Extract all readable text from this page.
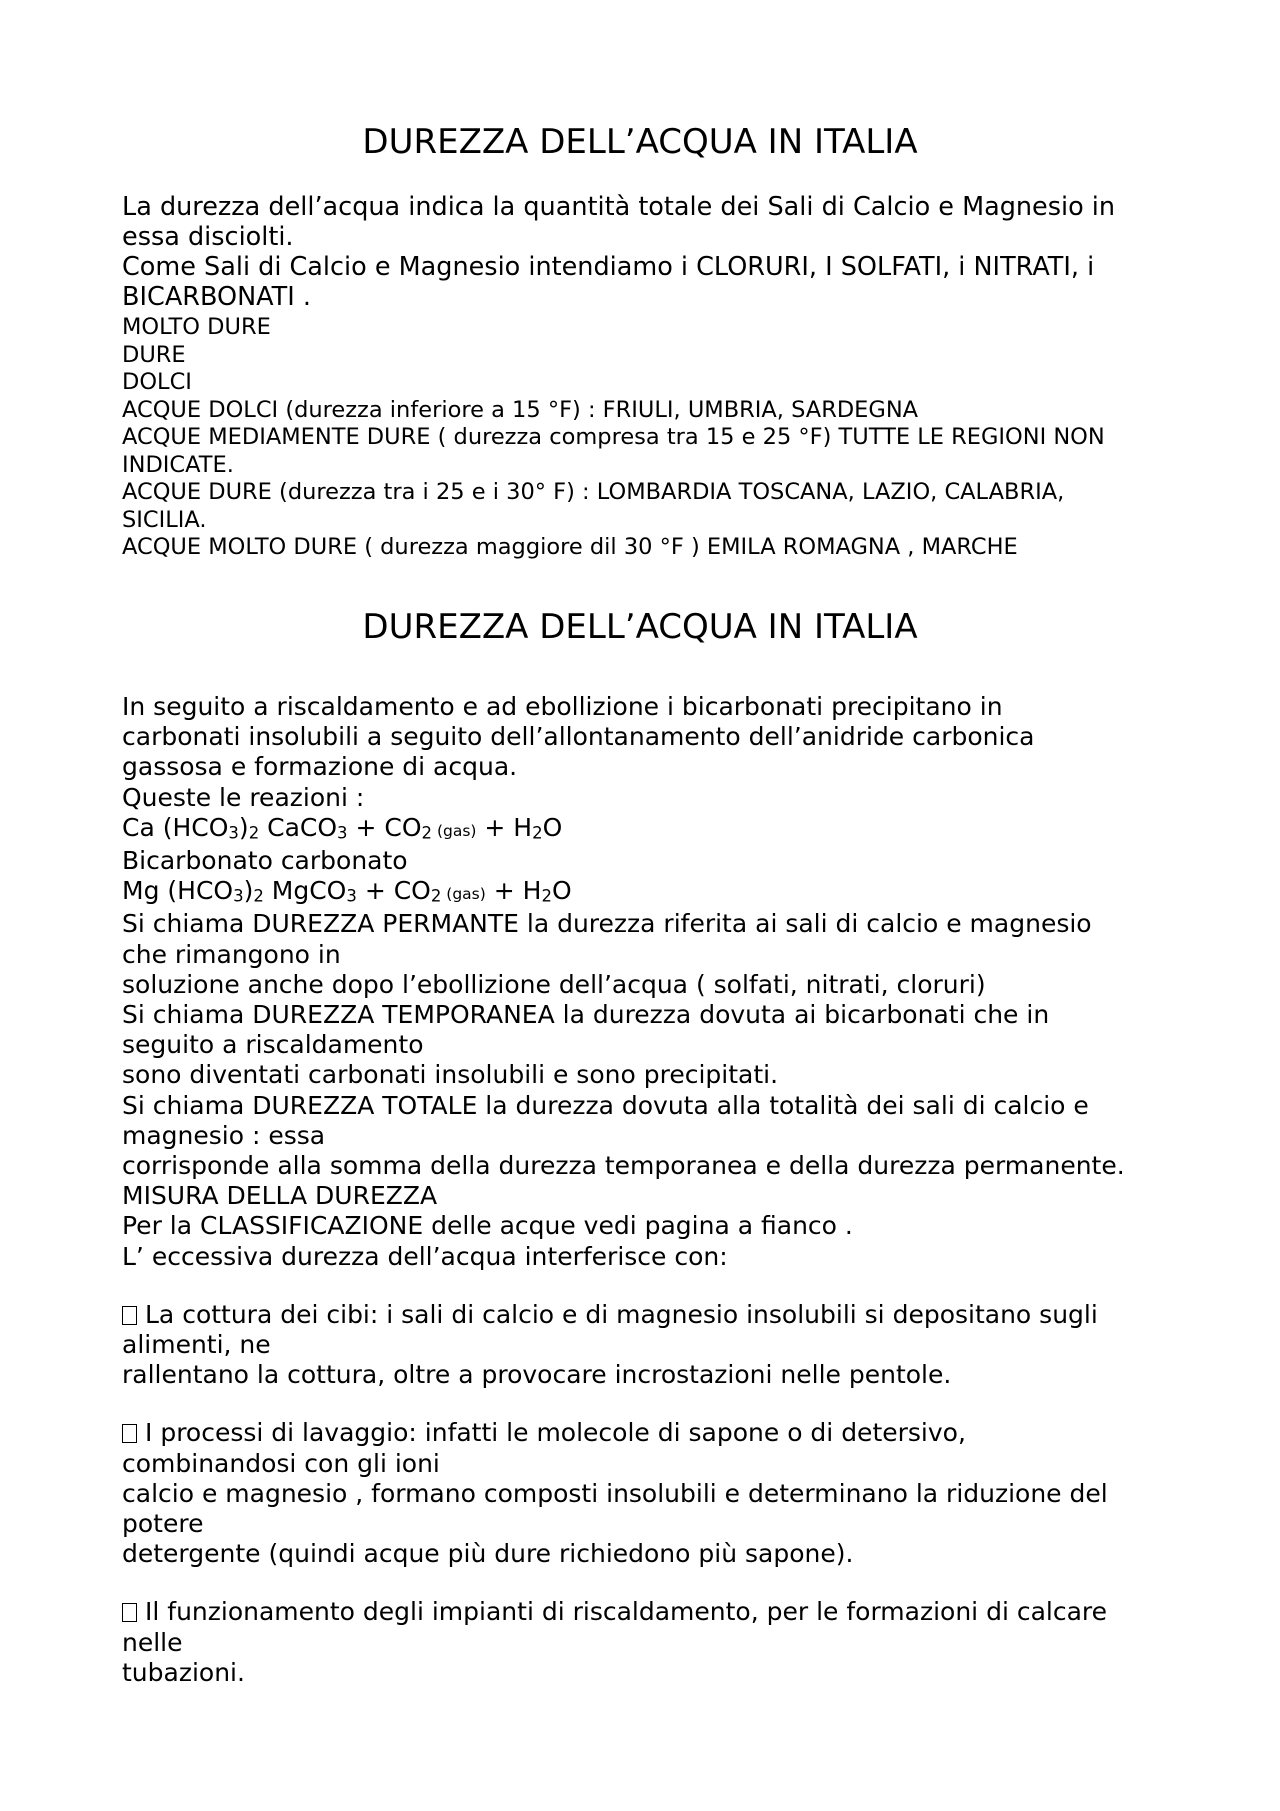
DUREZZA DELL’ACQUA IN ITALIA

La durezza dell’acqua indica la quantità totale dei Sali di Calcio e Magnesio in

essa disciolti.

Come Sali di Calcio e Magnesio intendiamo i CLORURI, I SOLFATI, i NITRATI, i

BICARBONATI .

MOLTO DURE

DURE

DOLCI

ACQUE DOLCI (durezza inferiore a 15 °F) : FRIULI, UMBRIA, SARDEGNA

ACQUE MEDIAMENTE DURE ( durezza compresa tra 15 e 25 °F) TUTTE LE REGIONI NON

INDICATE.

ACQUE DURE (durezza tra i 25 e i 30° F) : LOMBARDIA TOSCANA, LAZIO, CALABRIA,

SICILIA.

ACQUE MOLTO DURE ( durezza maggiore dil 30 °F ) EMILA ROMAGNA , MARCHE

DUREZZA DELL’ACQUA IN ITALIA

In seguito a riscaldamento e ad ebollizione i bicarbonati precipitano in

carbonati insolubili a seguito dell’allontanamento dell’anidride carbonica

gassosa e formazione di acqua.

Queste le reazioni :

Ca $(HCO_3)_2$ CaCO$_3$ + $CO_2$ $(gas) + H_2O$

Bicarbonato carbonato

Mg $(HCO_3)_2$ MgCO$_3$ + $CO_2$ $(gas) + H_2O$

Si chiama DUREZZA PERMANTE la durezza riferita ai sali di calcio e magnesio

che rimangono in

soluzione anche dopo l’ebollizione dell’acqua ( solfati, nitrati, cloruri)

Si chiama DUREZZA TEMPORANEA la durezza dovuta ai bicarbonati che in

seguito a riscaldamento

sono diventati carbonati insolubili e sono precipitati.

Si chiama DUREZZA TOTALE la durezza dovuta alla totalità dei sali di calcio e

magnesio : essa

corrisponde alla somma della durezza temporanea e della durezza permanente.

MISURA DELLA DUREZZA

Per la CLASSIFICAZIONE delle acque vedi pagina a fianco .

L’ eccessiva durezza dell’acqua interferisce con:

La cottura dei cibi: i sali di calcio e di magnesio insolubili si depositano sugli

alimenti, ne

rallentano la cottura, oltre a provocare incrostazioni nelle pentole.

I processi di lavaggio: infatti le molecole di sapone o di detersivo,

combinandosi con gli ioni

calcio e magnesio , formano composti insolubili e determinano la riduzione del

potere

detergente (quindi acque più dure richiedono più sapone).

Il funzionamento degli impianti di riscaldamento, per le formazioni di calcare

nelle

tubazioni.
